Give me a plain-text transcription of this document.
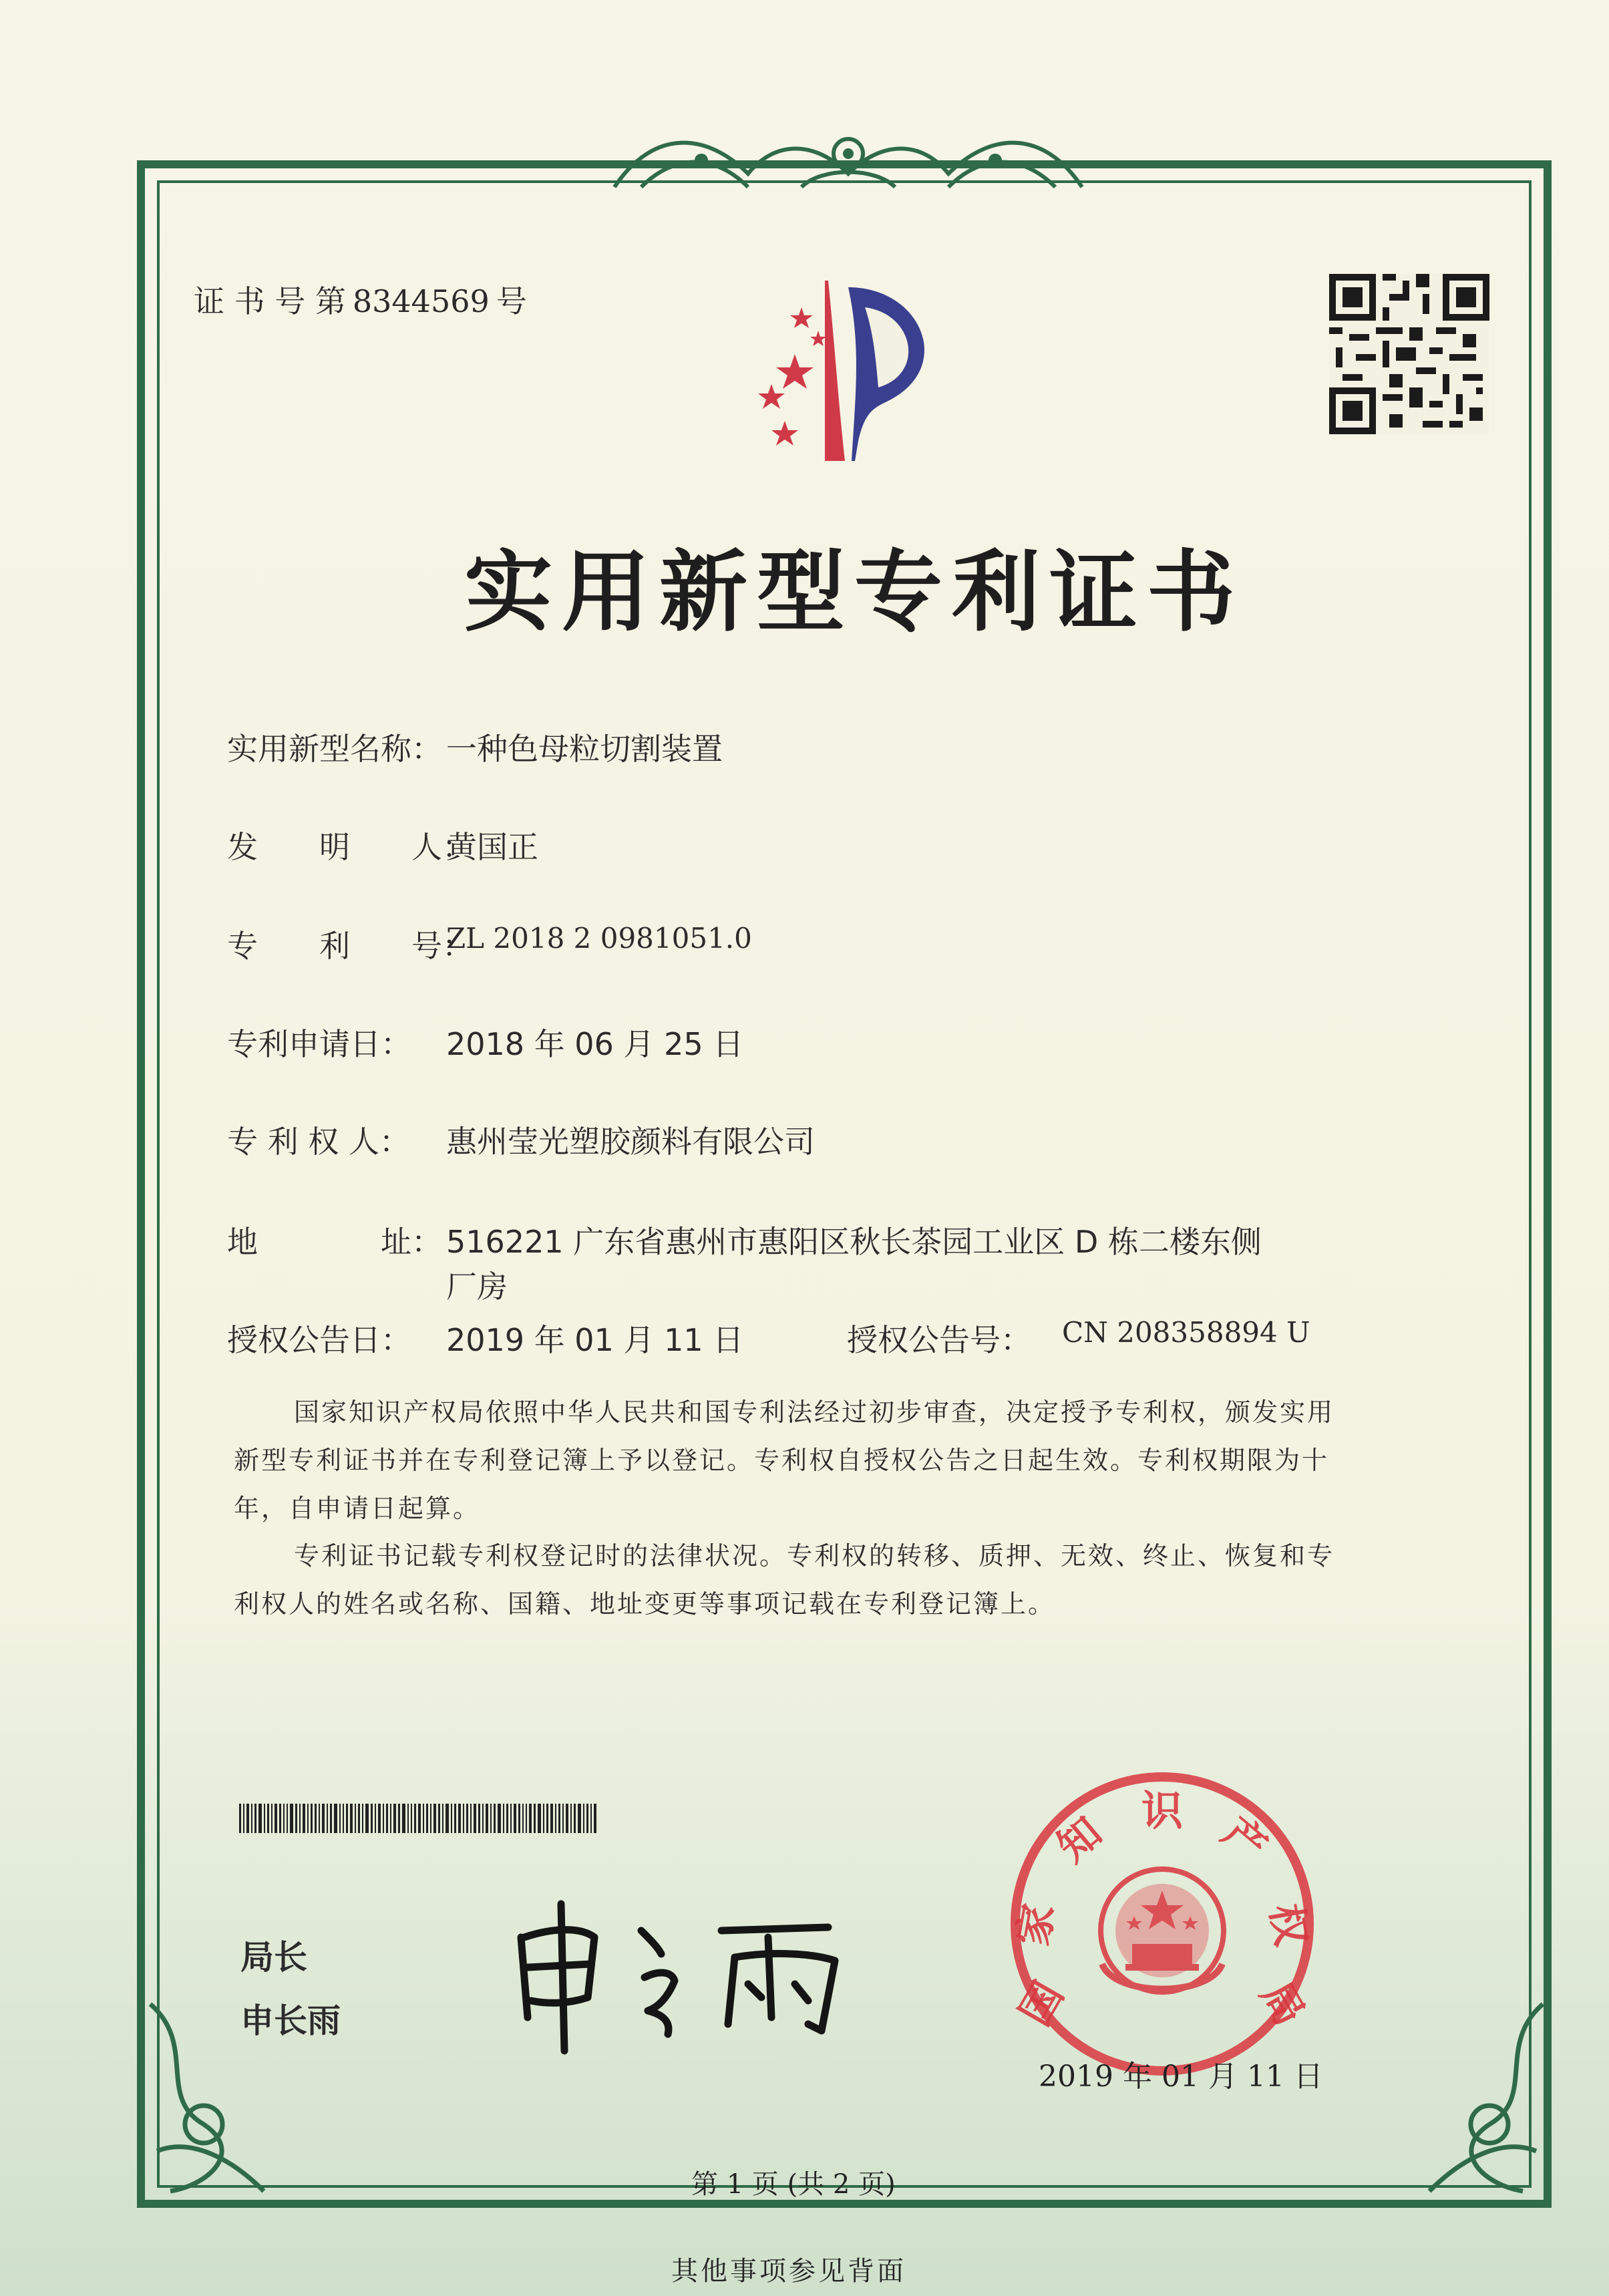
证 书 号 第 8344569 号
实用新型专利证书
实用新型名称： 一种色母粒切割装置
发　　明　　人：
黄国正
专　　利　　号：
ZL 2018 2 0981051.0
专利申请日： 2018 年 06 月 25 日
专 利 权 人： 惠州莹光塑胶颜料有限公司
地　　　　址： 516221 广东省惠州市惠阳区秋长茶园工业区 D 栋二楼东侧
厂房
授权公告日： 2019 年 01 月 11 日	授权公告号： CN 208358894 U
国家知识产权局依照中华人民共和国专利法经过初步审查，决定授予专利权，颁发实用
新型专利证书并在专利登记簿上予以登记。专利权自授权公告之日起生效。专利权期限为十
年，自申请日起算。
专利证书记载专利权登记时的法律状况。专利权的转移、质押、无效、终止、恢复和专
利权人的姓名或名称、国籍、地址变更等事项记载在专利登记簿上。
局长
申长雨	国
家
知 识 产
权
局
2019 年 01 月 11 日
第 1 页 (共 2 页)
其他事项参见背面
